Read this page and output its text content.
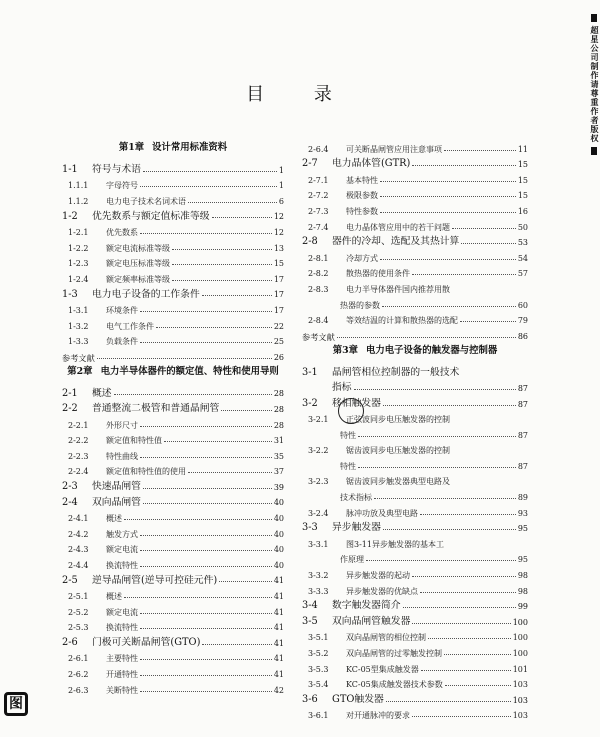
超星公司制作请尊重作者版权
目 录
第1章 设计常用标准资料
1-1	符号与术语	1
1.1.1	字母符号	1
1.1.2	电力电子技术名词术语	6
1-2	优先数系与额定值标准等级	12
1-2.1	优先数系	12
1-2.2	额定电流标准等级	13
1-2.3	额定电压标准等级	15
1-2.4	额定频率标准等级	17
1-3	电力电子设备的工作条件	17
1-3.1	环境条件	17
1-3.2	电气工作条件	22
1-3.3	负载条件	25
参考文献	26
第2章 电力半导体器件的额定值、特性和使用导则
2-1	概述	28
2-2	普通整流二极管和普通晶闸管	28
2-2.1	外形尺寸	28
2-2.2	额定值和特性值	31
2-2.3	特性曲线	35
2-2.4	额定值和特性值的使用	37
2-3	快速晶闸管	39
2-4	双向晶闸管	40
2-4.1	概述	40
2-4.2	触发方式	40
2-4.3	额定电流	40
2-4.4	换流特性	40
2-5	逆导晶闸管(逆导可控硅元件)	41
2-5.1	概述	41
2-5.2	额定电流	41
2-5.3	换流特性	41
2-6	门极可关断晶闸管(GTO)	41
2-6.1	主要特性	41
2-6.2	开通特性	41
2-6.3	关断特性	42
2-6.4	可关断晶闸管应用注意事项	11
2-7	电力晶体管(GTR)	15
2-7.1	基本特性	15
2-7.2	极限参数	15
2-7.3	特性参数	16
2-7.4	电力晶体管应用中的若干问题	50
2-8	器件的冷却、选配及其热计算	53
2-8.1	冷却方式	54
2-8.2	散热器的使用条件	57
2-8.3	电力半导体器件国内推荐用散
热器的参数	60
2-8.4	等效结温的计算和散热器的选配	79
参考文献	86
第3章 电力电子设备的触发器与控制器
3-1	晶闸管相位控制器的一般技术
指标	87
3-2	移相触发器	87
3-2.1	正弦波同步电压触发器的控制
特性	87
3-2.2	锯齿波同步电压触发器的控制
特性	87
3-2.3	锯齿波同步触发器典型电路及
技术指标	89
3-2.4	脉冲功放及典型电路	93
3-3	异步触发器	95
3-3.1	图3-11异步触发器的基本工
作原理	95
3-3.2	异步触发器的起动	98
3-3.3	异步触发器的优缺点	98
3-4	数字触发器简介	99
3-5	双向晶闸管触发器	100
3-5.1	双向晶闸管的相位控制	100
3-5.2	双向晶闸管的过零触发控制	100
3-5.3	KC-05型集成触发器	101
3-5.4	KC-05集成触发器技术参数	103
3-6	GTO触发器	103
3-6.1	对开通脉冲的要求	103
图
